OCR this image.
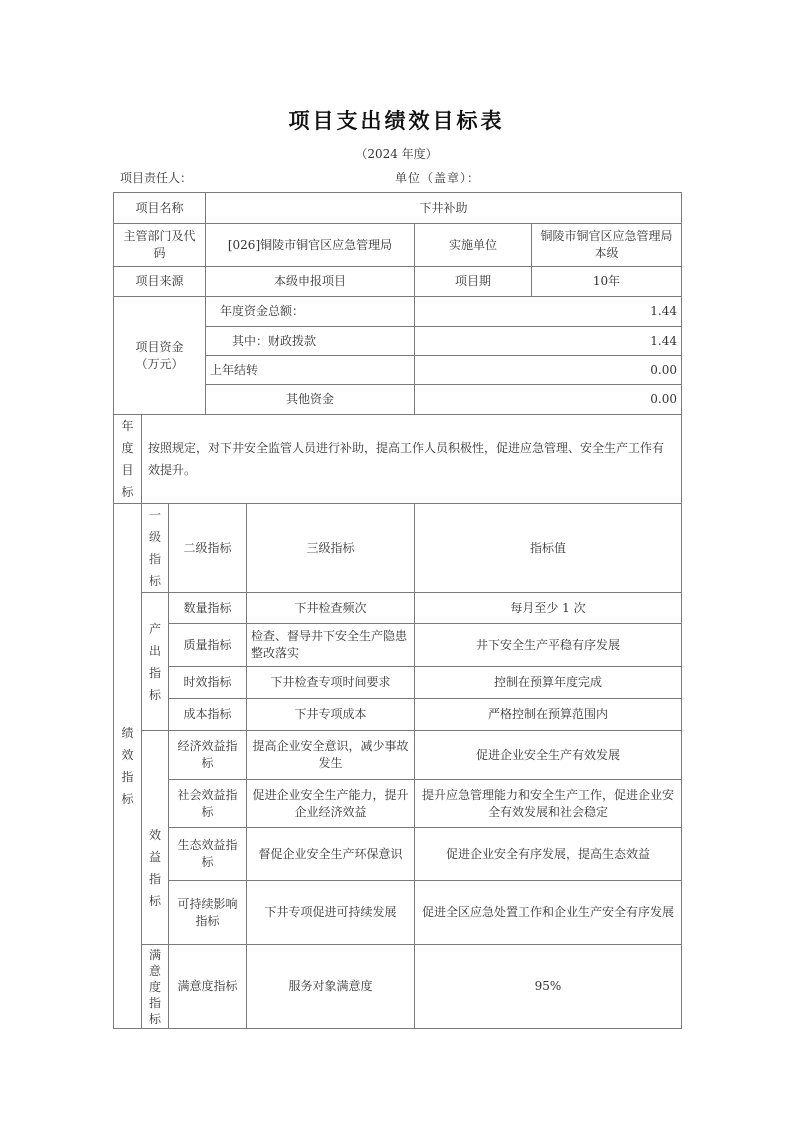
项目支出绩效目标表
（2024 年度）
项目责任人：	单位（盖章）：
项目名称			下井补助			
主管部门及代码			[026]铜陵市铜官区应急管理局		实施单位	铜陵市铜官区应急管理局本级
项目来源			本级申报项目		项目期	10年

项目资金
（万元）			年度资金总额：		1.44	
			其中：财政拨款		1.44	
			上年结转		0.00	
			其他资金		0.00	

年度目标	按照规定，对下井安全监管人员进行补助，提高工作人员积极性，促进应急管理、安全生产工作有效提升。					

绩效指标	一级指标	二级指标		三级指标	指标值	

	产出指标	数量指标		下井检查频次	每月至少 1 次	
		质量指标		检查、督导井下安全生产隐患整改落实	井下安全生产平稳有序发展	
		时效指标		下井检查专项时间要求	控制在预算年度完成	
		成本指标		下井专项成本	严格控制在预算范围内	

	效益指标	经济效益指标		提高企业安全意识，减少事故发生	促进企业安全生产有效发展	
		社会效益指标		促进企业安全生产能力，提升企业经济效益	提升应急管理能力和安全生产工作，促进企业安全有效发展和社会稳定	
		生态效益指标		督促企业安全生产环保意识	促进企业安全有序发展，提高生态效益	
		可持续影响指标		下井专项促进可持续发展	促进全区应急处置工作和企业生产安全有序发展	

	满意度指标	满意度指标		服务对象满意度	95%	
